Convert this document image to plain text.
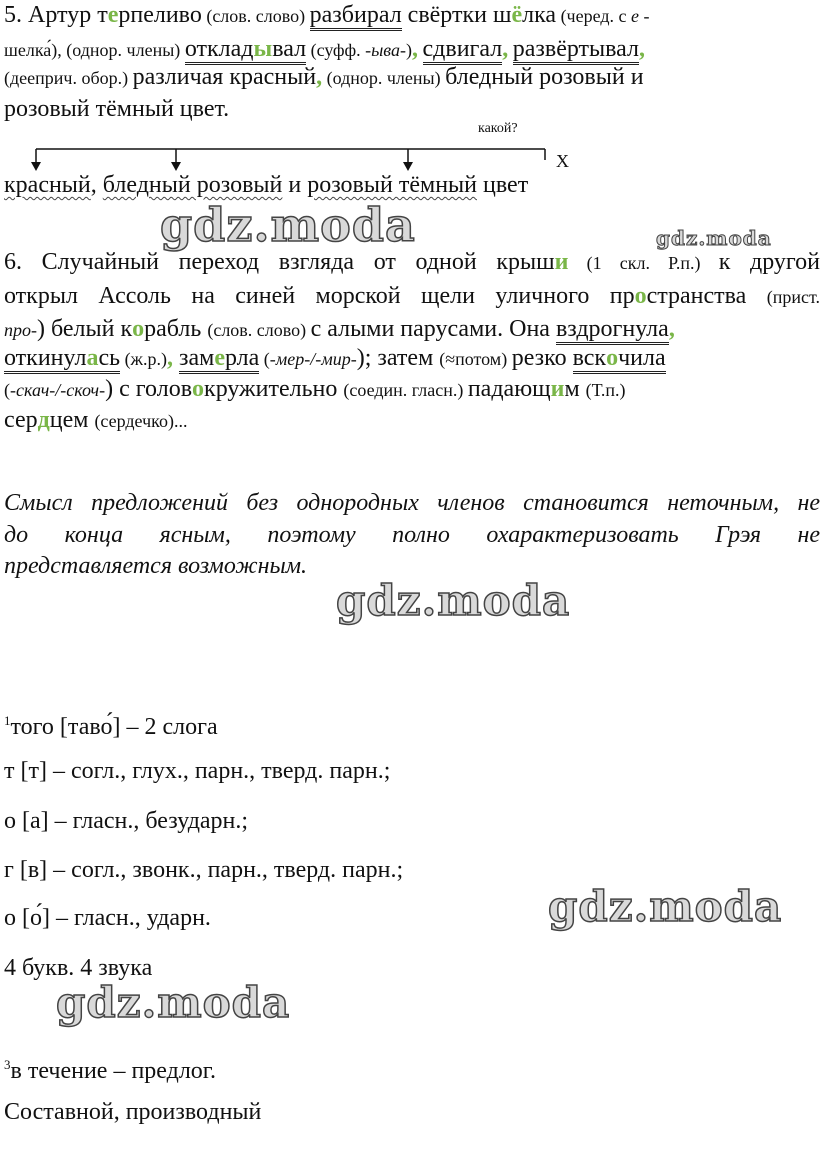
5. Артур терпеливо (слов. слово) разбирал свёртки шёлка (черед. с е -
шелка́), (однор. члены) откладывал (суфф. -ыва-), сдвигал, развёртывал,
(дееприч. обор.) различая красный, (однор. члены) бледный розовый и
розовый тёмный цвет.
какой?
Х
красный, бледный розовый и розовый тёмный цвет
gdz.moda	gdz.moda
6. Случайный переход взгляда от одной крыши (1 скл. Р.п.) к другой
открыл Ассоль на синей морской щели уличного пространства (прист.
про-) белый корабль (слов. слово) с алыми парусами. Она вздрогнула,
откинулась (ж.р.), замерла (-мер-/-мир-); затем (≈потом) резко вскочила
(-скач-/-скоч-) с головокружительно (соедин. гласн.) падающим (Т.п.)
сердцем (сердечко)...
Смысл предложений без однородных членов становится неточным, не
до конца ясным, поэтому полно охарактеризовать Грэя не
представляется возможным.
gdz.moda
$^1$того [таво́] – 2 слога
т [т] – согл., глух., парн., тверд. парн.;
о [а] – гласн., безударн.;
г [в] – согл., звонк., парн., тверд. парн.;
о [о́] – гласн., ударн.
4 букв. 4 звука
gdz.moda
gdz.moda
$^3$в течение – предлог.
Составной, производный
